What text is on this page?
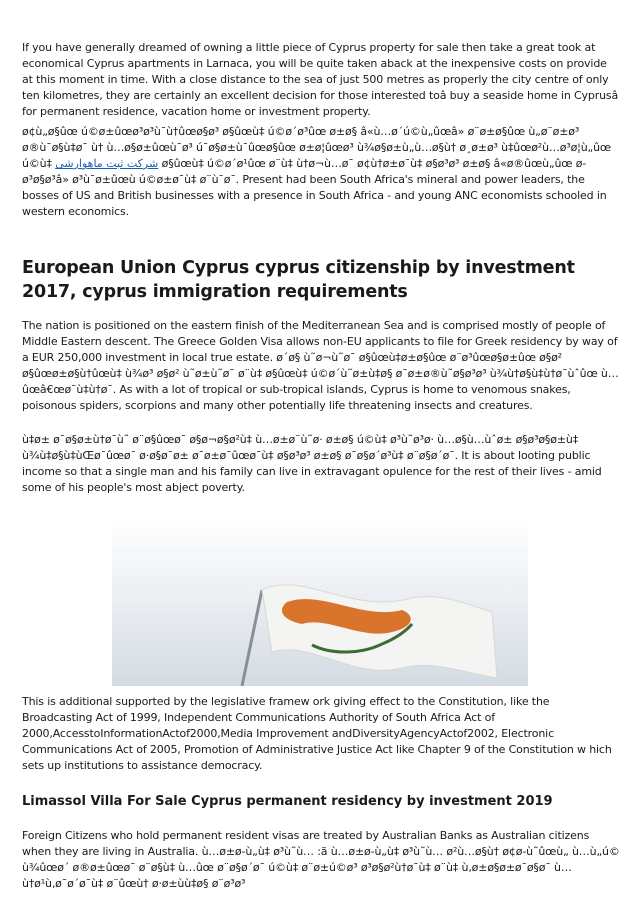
If you have generally dreamed of owning a little piece of Cyprus property for sale then take a great took at economical Cyprus apartments in Larnaca, you will be quite taken aback at the inexpensive costs on provide at this moment in time. With a close distance to the sea of just 500 metres as properly the city centre of only ten kilometres, they are certainly an excellent decision for those interested toâ buy a seaside home in Cyprusâ for permanent residence, vacation home or investment property.

ø¢ù„ø§ûœ ú©ø±ûœø³ø³ù¯ù†ûœø§ø³ ø§ûœù‡ ú©ø´ø³ûœ ø±ø§ â«ù…ø´ú©ù„ûœâ» ø¨ø±ø§ûœ ù„ø¨ø±ø³ ø®ù¯ø§ù‡ø¯ ù† ù…ø§ø±ûœù¯ø³ ú¯ø§ø±ù¯ûœø§ûœ ø±ø¦ûœø³ ù¾ø§ø±ù„ù…ø§ù† ø¸ø±ø³ ù‡ûœø²ù…ø³ø¦ù„ûœ ú©ù‡ شرکت ثبت ماهوارشی ø§ûœù‡ ú©ø´ø¹ûœ ø¨ù‡ ù†ø¬ù…ø¯ ø¢ù†ø±ø¯ù‡ ø§ø³ø³ ø±ø§ â«ø®ûœù„ûœ ø-ø³ø§ø³â» ø³ù¯ø±ûœù ú©ø±ø¯ù‡ ø¨ù¯ø¯. Present had been South Africa's mineral and power leaders, the bosses of US and British businesses with a presence in South Africa - and young ANC economists schooled in western economics.

European Union Cyprus cyprus citizenship by investment 2017, cyprus immigration requirements

The nation is positioned on the eastern finish of the Mediterranean Sea and is comprised mostly of people of Middle Eastern descent. The Greece Golden Visa allows non-EU applicants to file for Greek residency by way of a EUR 250,000 investment in local true estate. ø´ø§ ù˜ø¬ù˜ø¯ ø§ûœù‡ø±ø§ûœ ø¨ø³ûœø§ø±ûœ ø§ø² ø§ûœø±ø§ù†ûœù‡ ù¾ø³ ø§ø² ù˜ø±ù˜ø¯ ø¨ù‡ ø§ûœù‡ ú©ø´ù˜ø±ù‡ø§ ø¯ø±ø®ù˜ø§ø³ø³ ù¾ù†ø§ù‡ù†ø¯ùˆûœ ù…ûœâ€œø¯ù‡ù†ø¯. As with a lot of tropical or sub-tropical islands, Cyprus is home to venomous snakes, poisonous spiders, scorpions and many other potentially life threatening insects and creatures.

ù‡ø± ø¯ø§ø±ù†ø¯ù˜ ø¨ø§ûœø¯ ø§ø¬ø§ø²ù‡ ù…ø±ø¨ù˜ø· ø±ø§ ú©ù‡ ø³ù˜ø³ø· ù…ø§ù…ùˆø± ø§ø³ø§ø±ù‡ ù¾ù‡ø§ù‡ùŒø¯ûœø¯ ø·ø§ø¯ø± ø¯ø±ø¯ûœø¯ù‡ ø§ø³ø³ ø±ø§ ø¯ø§ø´ø³ù‡ ø¨ø§ø´ø¯. It is about looting public income so that a single man and his family can live in extravagant opulence for the rest of their lives - amid some of his people's most abject poverty.

This is additional supported by the legislative framew ork giving effect to the Constitution, like the Broadcasting Act of 1999, Independent Communications Authority of South Africa Act of 2000,AccesstoInformationActof2000,Media Improvement andDiversityAgencyActof2002, Electronic Communications Act of 2005, Promotion of Administrative Justice Act like Chapter 9 of the Constitution w hich sets up institutions to assistance democracy.

Limassol Villa For Sale Cyprus permanent residency by investment 2019

Foreign Citizens who hold permanent resident visas are treated by Australian Banks as Australian citizens when they are living in Australia. ù…ø±ø-ù„ù‡ ø³ù˜ù… :ã ù…ø±ø-ù„ù‡ ø³ù˜ù… ø²ù…ø§ù† ø¢ø-ù˜ûœù„ ù…ù„ú© ù¾ûœø´ ø®ø±ûœø¯ ø¨ø§ù‡ ù…ûœ ø¨ø§ø´ø¯ ú©ù‡ ø¨ø±ú©ø³ ø³ø§ø²ù†ø¯ù‡ ø¨ù‡ ù‚ø±ø§ø±ø¯ø§ø¯ ù…ù†ø¹ù‚ø¯ø´ø¯ù‡ ø¨ûœù† ø·ø±ùù‡ø§ ø¨ø³ø³
